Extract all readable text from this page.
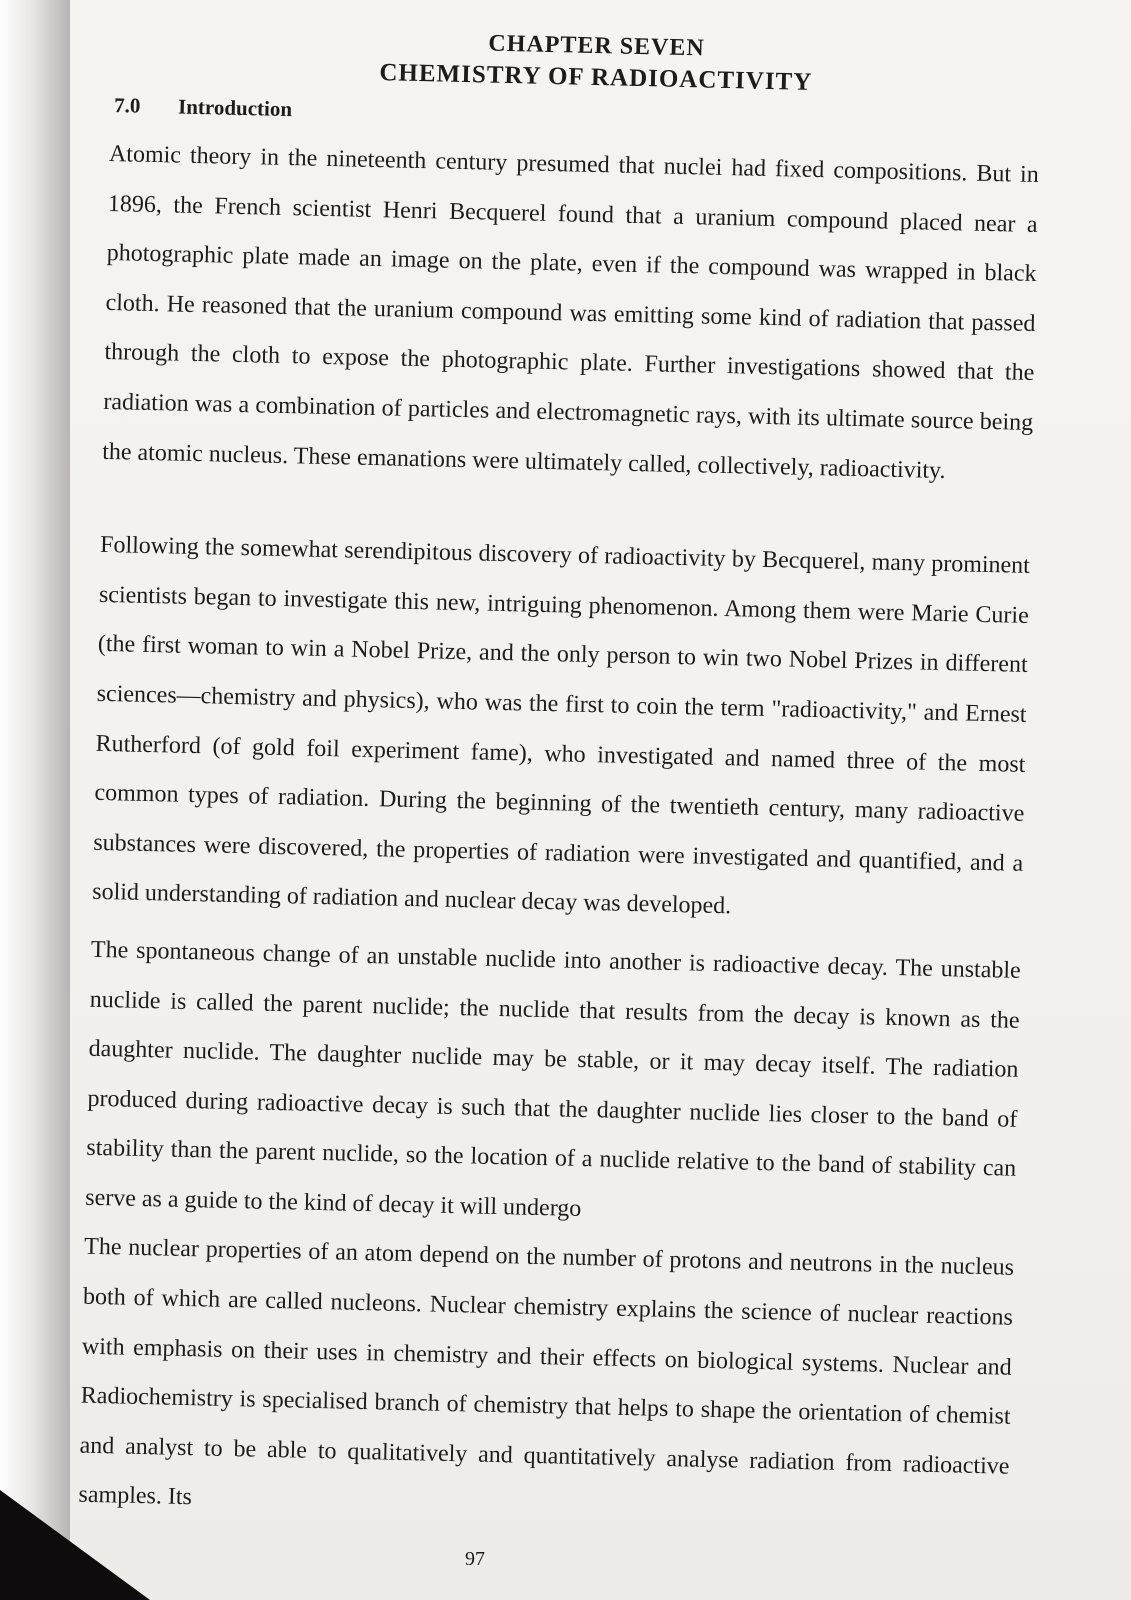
CHAPTER SEVEN
CHEMISTRY OF RADIOACTIVITY
7.0 Introduction

Atomic theory in the nineteenth century presumed that nuclei had fixed compositions. But in 1896, the French scientist Henri Becquerel found that a uranium compound placed near a photographic plate made an image on the plate, even if the compound was wrapped in black cloth. He reasoned that the uranium compound was emitting some kind of radiation that passed through the cloth to expose the photographic plate. Further investigations showed that the radiation was a combination of particles and electromagnetic rays, with its ultimate source being the atomic nucleus. These emanations were ultimately called, collectively, radioactivity.

Following the somewhat serendipitous discovery of radioactivity by Becquerel, many prominent scientists began to investigate this new, intriguing phenomenon. Among them were Marie Curie (the first woman to win a Nobel Prize, and the only person to win two Nobel Prizes in different sciences—chemistry and physics), who was the first to coin the term "radioactivity," and Ernest Rutherford (of gold foil experiment fame), who investigated and named three of the most common types of radiation. During the beginning of the twentieth century, many radioactive substances were discovered, the properties of radiation were investigated and quantified, and a solid understanding of radiation and nuclear decay was developed.

The spontaneous change of an unstable nuclide into another is radioactive decay. The unstable nuclide is called the parent nuclide; the nuclide that results from the decay is known as the daughter nuclide. The daughter nuclide may be stable, or it may decay itself. The radiation produced during radioactive decay is such that the daughter nuclide lies closer to the band of stability than the parent nuclide, so the location of a nuclide relative to the band of stability can serve as a guide to the kind of decay it will undergo

The nuclear properties of an atom depend on the number of protons and neutrons in the nucleus both of which are called nucleons. Nuclear chemistry explains the science of nuclear reactions with emphasis on their uses in chemistry and their effects on biological systems. Nuclear and Radiochemistry is specialised branch of chemistry that helps to shape the orientation of chemist and analyst to be able to qualitatively and quantitatively analyse radiation from radioactive samples. Its

97
